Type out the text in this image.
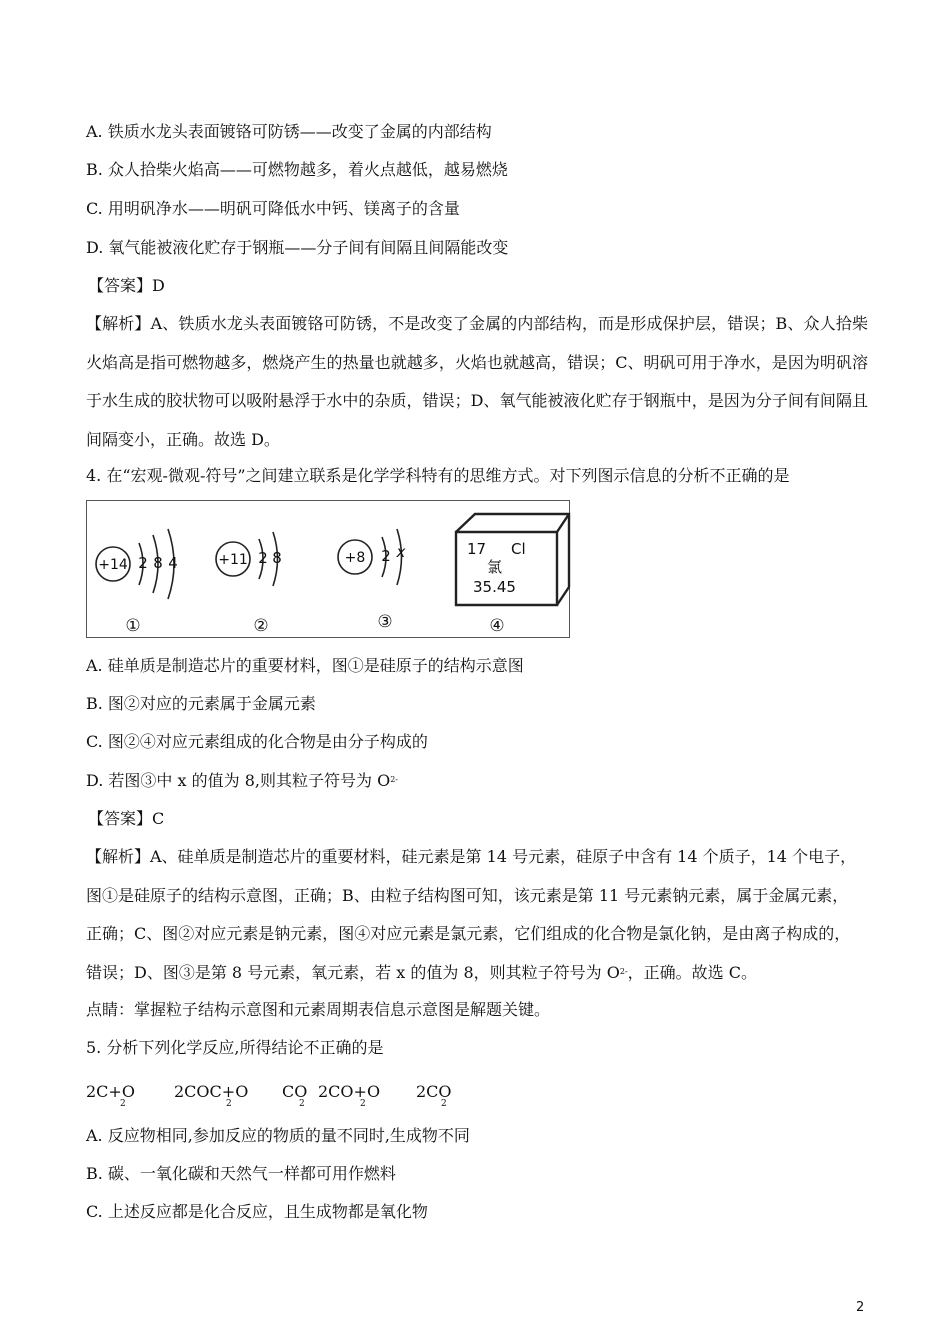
A. 铁质水龙头表面镀铬可防锈——改变了金属的内部结构
B. 众人拾柴火焰高——可燃物越多，着火点越低，越易燃烧
C. 用明矾净水——明矾可降低水中钙、镁离子的含量
D. 氧气能被液化贮存于钢瓶——分子间有间隔且间隔能改变
【答案】D
【解析】A、铁质水龙头表面镀铬可防锈，不是改变了金属的内部结构，而是形成保护层，错误；B、众人拾柴火焰高是指可燃物越多，燃烧产生的热量也就越多，火焰也就越高，错误；C、明矾可用于净水，是因为明矾溶于水生成的胶状物可以吸附悬浮于水中的杂质，错误；D、氧气能被液化贮存于钢瓶中，是因为分子间有间隔且间隔变小，正确。故选 D。
4. 在“宏观-微观-符号”之间建立联系是化学学科特有的思维方式。对下列图示信息的分析不正确的是
+14 2 8 4
①
+11 2 8
②
+8 2 x
③
17 Cl
氯
35.45
④
A. 硅单质是制造芯片的重要材料，图①是硅原子的结构示意图
B. 图②对应的元素属于金属元素
C. 图②④对应元素组成的化合物是由分子构成的
D. 若图③中 x 的值为 8,则其粒子符号为 $O^{2-}$
【答案】C
【解析】A、硅单质是制造芯片的重要材料，硅元素是第 14 号元素，硅原子中含有 14 个质子，14 个电子，
图①是硅原子的结构示意图，正确；B、由粒子结构图可知，该元素是第 11 号元素钠元素，属于金属元素，
正确；C、图②对应元素是钠元素，图④对应元素是氯元素，它们组成的化合物是氯化钠，是由离子构成的，
错误；D、图③是第 8 号元素，氧元素，若 x 的值为 8，则其粒子符号为 $O^{2-}$，正确。故选 C。
点睛：掌握粒子结构示意图和元素周期表信息示意图是解题关键。
5. 分析下列化学反应,所得结论不正确的是
2C+O
2
2COC+O
2
CO
2
2CO+O
2
2CO
2
A. 反应物相同,参加反应的物质的量不同时,生成物不同
B. 碳、一氧化碳和天然气一样都可用作燃料
C. 上述反应都是化合反应，且生成物都是氧化物
2
